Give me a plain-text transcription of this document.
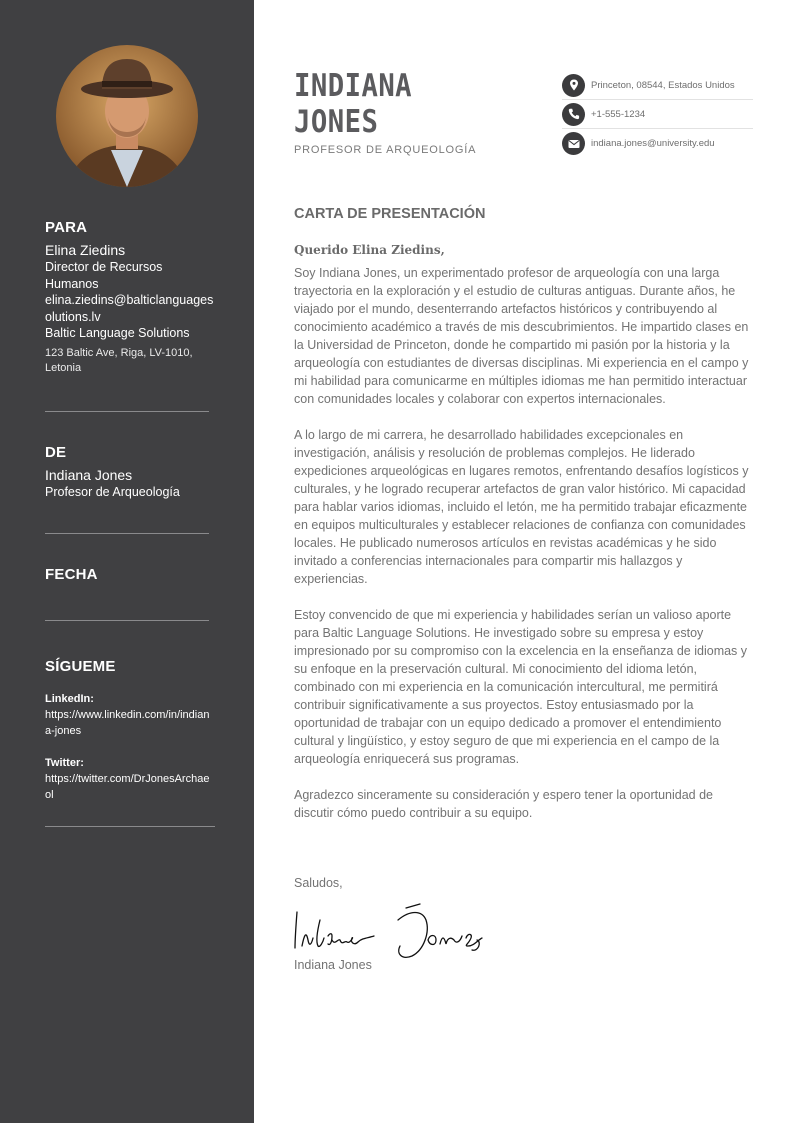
PARA
Elina Ziedins
Director de Recursos Humanos
elina.ziedins@balticlanguagesolutions.lv
Baltic Language Solutions
123 Baltic Ave, Riga, LV-1010, Letonia
DE
Indiana Jones
Profesor de Arqueología
FECHA
SÍGUEME
LinkedIn:
https://www.linkedin.com/in/indiana-jones
Twitter:
https://twitter.com/DrJonesArchaeol
INDIANA
JONES
PROFESOR DE ARQUEOLOGÍA
Princeton, 08544, Estados Unidos
+1-555-1234
indiana.jones@university.edu
CARTA DE PRESENTACIÓN
Querido Elina Ziedins,

Soy Indiana Jones, un experimentado profesor de arqueología con una larga trayectoria en la exploración y el estudio de culturas antiguas. Durante años, he viajado por el mundo, desenterrando artefactos históricos y contribuyendo al conocimiento académico a través de mis descubrimientos. He impartido clases en la Universidad de Princeton, donde he compartido mi pasión por la historia y la arqueología con estudiantes de diversas disciplinas. Mi experiencia en el campo y mi habilidad para comunicarme en múltiples idiomas me han permitido interactuar con comunidades locales y colaborar con expertos internacionales.

A lo largo de mi carrera, he desarrollado habilidades excepcionales en investigación, análisis y resolución de problemas complejos. He liderado expediciones arqueológicas en lugares remotos, enfrentando desafíos logísticos y culturales, y he logrado recuperar artefactos de gran valor histórico. Mi capacidad para hablar varios idiomas, incluido el letón, me ha permitido trabajar eficazmente en equipos multiculturales y establecer relaciones de confianza con comunidades locales. He publicado numerosos artículos en revistas académicas y he sido invitado a conferencias internacionales para compartir mis hallazgos y experiencias.

Estoy convencido de que mi experiencia y habilidades serían un valioso aporte para Baltic Language Solutions. He investigado sobre su empresa y estoy impresionado por su compromiso con la excelencia en la enseñanza de idiomas y su enfoque en la preservación cultural. Mi conocimiento del idioma letón, combinado con mi experiencia en la comunicación intercultural, me permitirá contribuir significativamente a sus proyectos. Estoy entusiasmado por la oportunidad de trabajar con un equipo dedicado a promover el entendimiento cultural y lingüístico, y estoy seguro de que mi experiencia en el campo de la arqueología enriquecerá sus programas.

Agradezco sinceramente su consideración y espero tener la oportunidad de discutir cómo puedo contribuir a su equipo.

Saludos,
Indiana Jones
